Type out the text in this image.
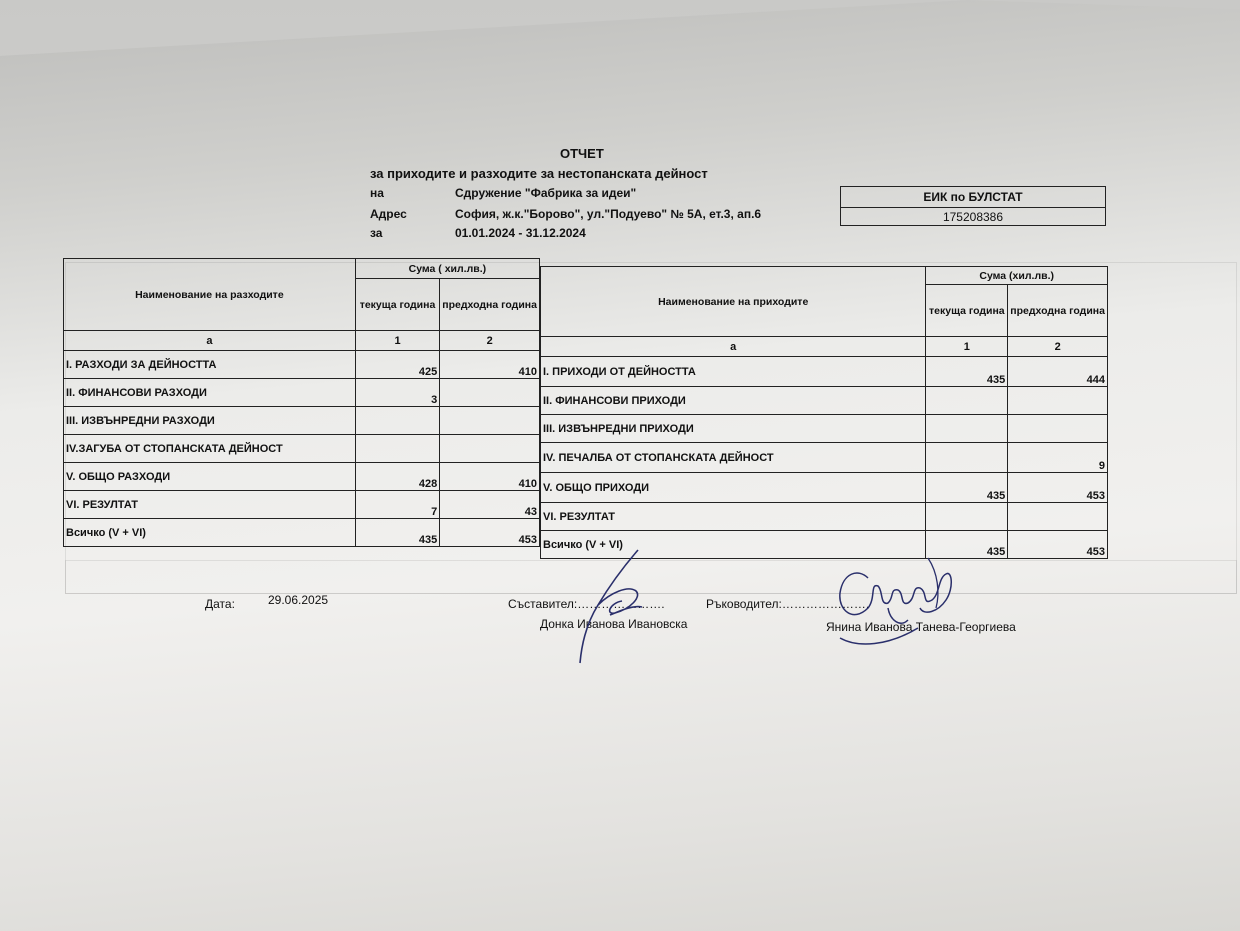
ОТЧЕТ
за приходите и разходите за нестопанската дейност
на	Сдружение "Фабрика за идеи"
Адрес	София, ж.к."Борово", ул."Подуево" № 5А, ет.3, ап.6
за	01.01.2024 - 31.12.2024
ЕИК по БУЛСТАТ
175208386
Наименование на разходите	Сума ( хил.лв.)	
	текуща година	предходна година
а	1	2
I. РАЗХОДИ ЗА ДЕЙНОСТТА	425	410
II. ФИНАНСОВИ РАЗХОДИ	3	
III. ИЗВЪНРЕДНИ РАЗХОДИ		
IV.ЗАГУБА ОТ СТОПАНСКАТА ДЕЙНОСТ		
V. ОБЩО РАЗХОДИ	428	410
VI. РЕЗУЛТАТ	7	43
Всичко (V + VI)	435	453
Наименование на приходите	Сума (хил.лв.)	
	текуща година	предходна година
а	1	2
I. ПРИХОДИ ОТ ДЕЙНОСТТА	435	444
II. ФИНАНСОВИ ПРИХОДИ		
III. ИЗВЪНРЕДНИ ПРИХОДИ		
IV. ПЕЧАЛБА ОТ СТОПАНСКАТА ДЕЙНОСТ		9
V. ОБЩО ПРИХОДИ	435	453
VI. РЕЗУЛТАТ		
Всичко (V + VI)	435	453
Дата:	29.06.2025	Съставител:………………….
Донка Иванова Ивановска
Ръководител:………………….
Янина Иванова Танева-Георгиева
